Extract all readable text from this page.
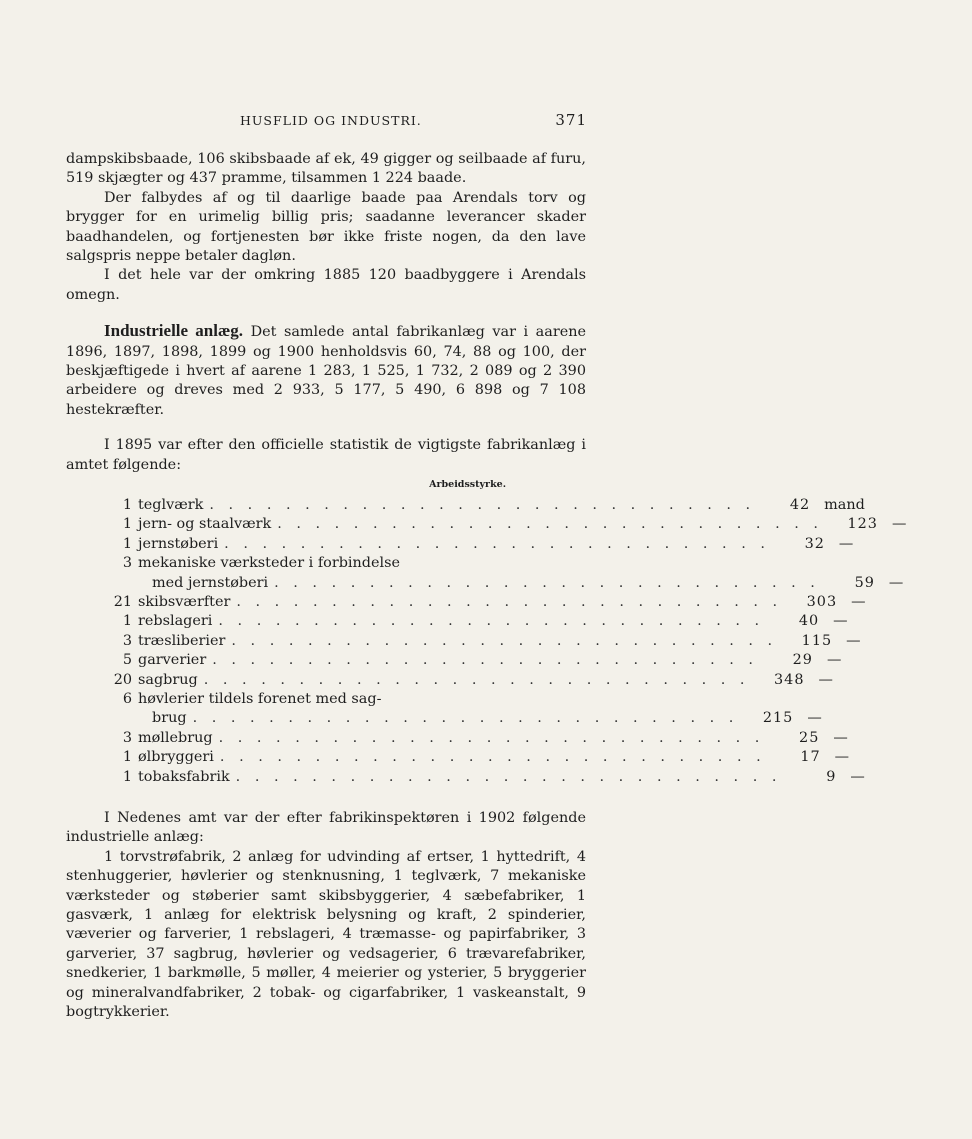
HUSFLID OG INDUSTRI.	371

dampskibsbaade, 106 skibsbaade af ek, 49 gigger og seilbaade af furu, 519 skjægter og 437 pramme, tilsammen 1 224 baade.

Der falbydes af og til daarlige baade paa Arendals torv og brygger for en urimelig billig pris; saadanne leverancer skader baadhandelen, og fortjenesten bør ikke friste nogen, da den lave salgspris neppe betaler dagløn.

I det hele var der omkring 1885 120 baadbyggere i Arendals omegn.

Industrielle anlæg. Det samlede antal fabrikanlæg var i aarene 1896, 1897, 1898, 1899 og 1900 henholdsvis 60, 74, 88 og 100, der beskjæftigede i hvert af aarene 1 283, 1 525, 1 732, 2 089 og 2 390 arbeidere og dreves med 2 933, 5 177, 5 490, 6 898 og 7 108 hestekræfter.

I 1895 var efter den officielle statistik de vigtigste fabrikanlæg i amtet følgende:

Arbeidsstyrke.
1 teglværk . . . . . . . . . . . . . . . . . . . . . . . . . . . . .	42 mand
1 jern- og staalværk . . . . . . . . . . . . . . . . . . . . . . . . . . . . .	123 —
1 jernstøberi . . . . . . . . . . . . . . . . . . . . . . . . . . . . .	32 —
3 mekaniske værksteder i forbindelse
med jernstøberi . . . . . . . . . . . . . . . . . . . . . . . . . . . . .	59 —
21 skibsværfter . . . . . . . . . . . . . . . . . . . . . . . . . . . . .	303 —
1 rebslageri . . . . . . . . . . . . . . . . . . . . . . . . . . . . .	40 —
3 træsliberier . . . . . . . . . . . . . . . . . . . . . . . . . . . . .	115 —
5 garverier . . . . . . . . . . . . . . . . . . . . . . . . . . . . .	29 —
20 sagbrug . . . . . . . . . . . . . . . . . . . . . . . . . . . . .	348 —
6 høvlerier tildels forenet med sag-
brug . . . . . . . . . . . . . . . . . . . . . . . . . . . . .	215 —
3 møllebrug . . . . . . . . . . . . . . . . . . . . . . . . . . . . .	25 —
1 ølbryggeri . . . . . . . . . . . . . . . . . . . . . . . . . . . . .	17 —
1 tobaksfabrik . . . . . . . . . . . . . . . . . . . . . . . . . . . . .	9 —

I Nedenes amt var der efter fabrikinspektøren i 1902 følgende industrielle anlæg:

1 torvstrøfabrik, 2 anlæg for udvinding af ertser, 1 hyttedrift, 4 stenhuggerier, høvlerier og stenknusning, 1 teglværk, 7 mekaniske værksteder og støberier samt skibsbyggerier, 4 sæbefabriker, 1 gasværk, 1 anlæg for elektrisk belysning og kraft, 2 spinderier, væverier og farverier, 1 rebslageri, 4 træmasse- og papirfabriker, 3 garverier, 37 sagbrug, høvlerier og vedsagerier, 6 trævarefabriker, snedkerier, 1 barkmølle, 5 møller, 4 meierier og ysterier, 5 bryggerier og mineralvandfabriker, 2 tobak- og cigarfabriker, 1 vaskeanstalt, 9 bogtrykkerier.
